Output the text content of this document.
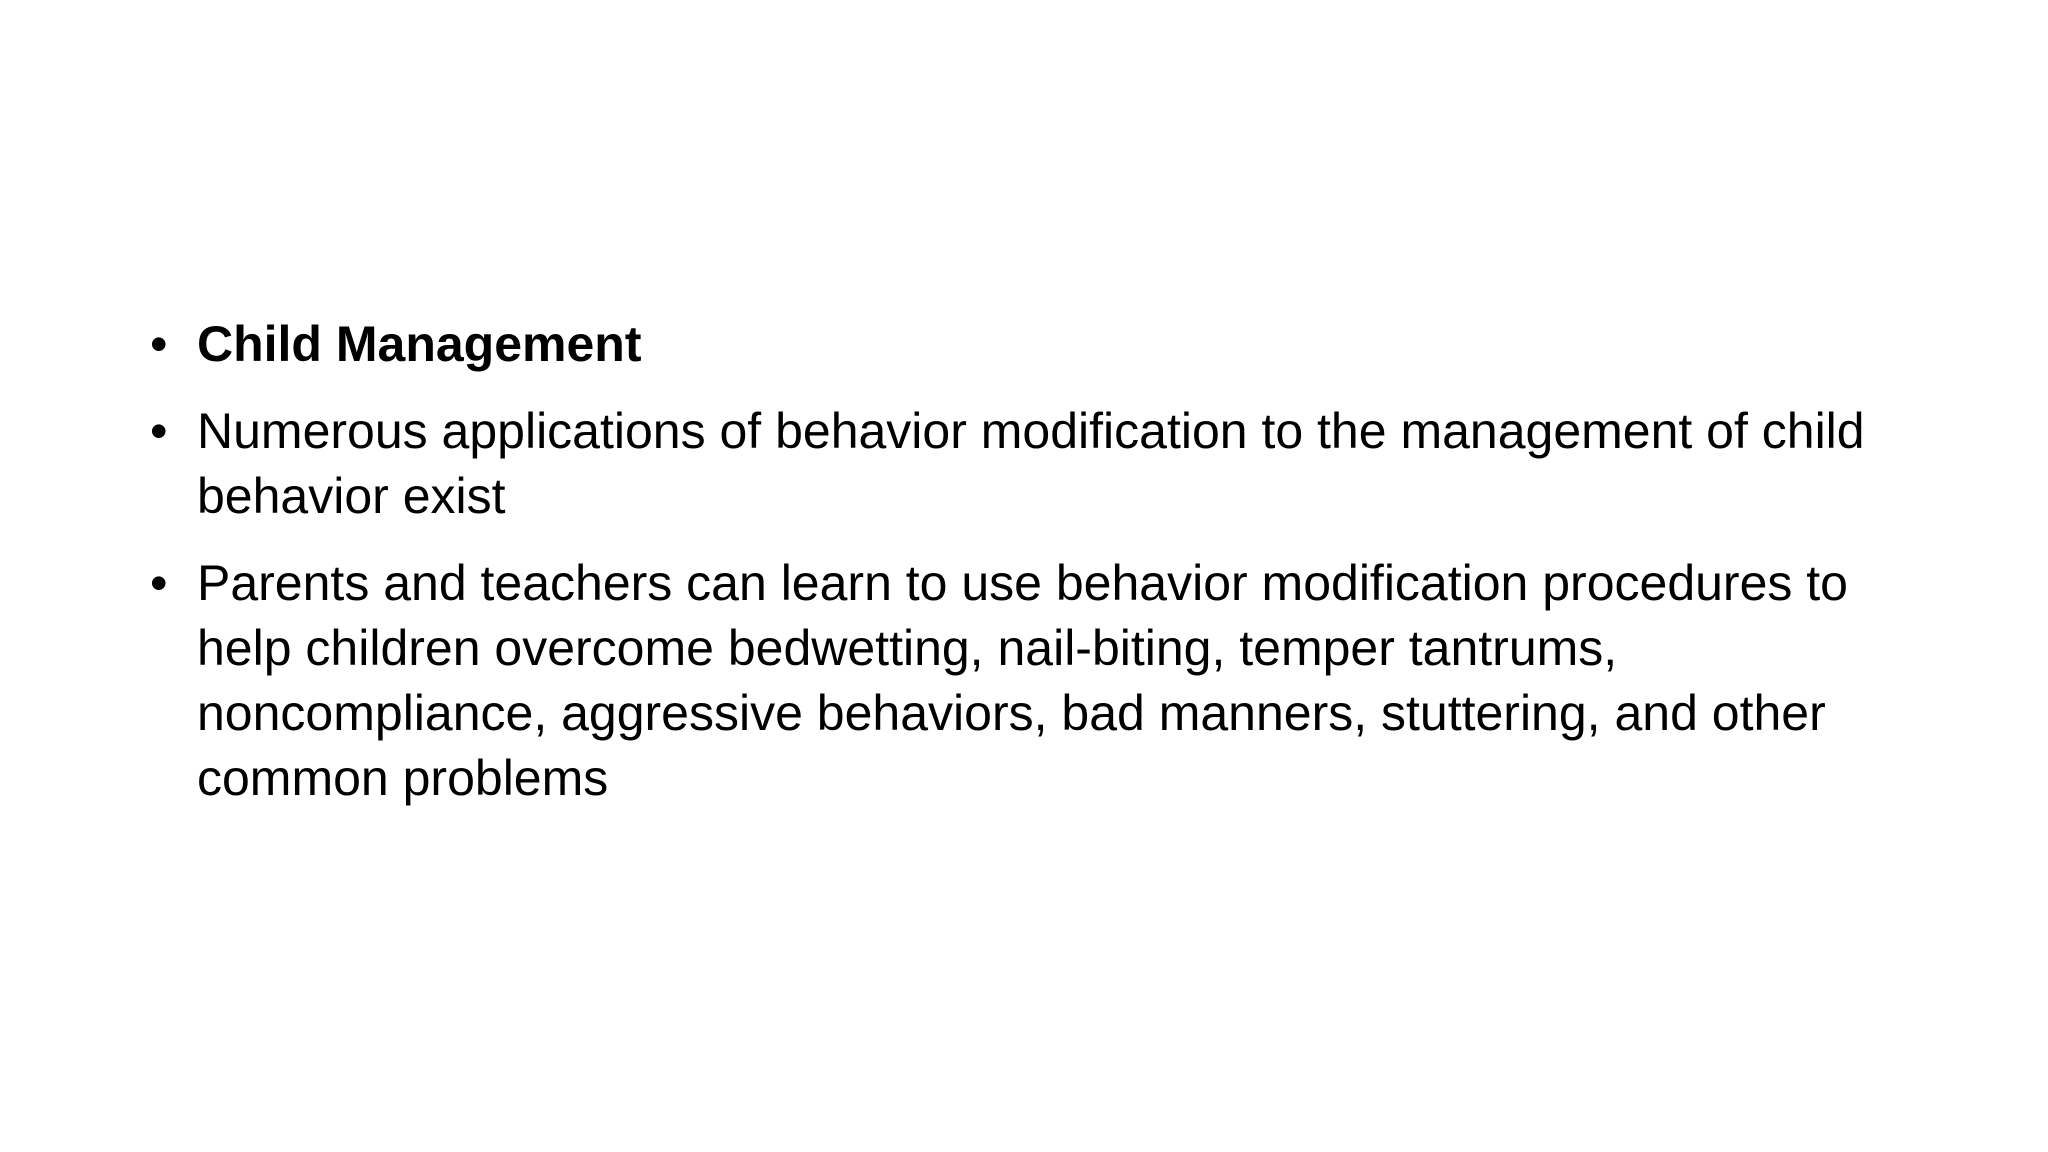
• Child Management
• Numerous applications of behavior modification to the management of child behavior exist
• Parents and teachers can learn to use behavior modification procedures to help children overcome bedwetting, nail-biting, temper tantrums, noncompliance, aggressive behaviors, bad manners, stuttering, and other common problems
